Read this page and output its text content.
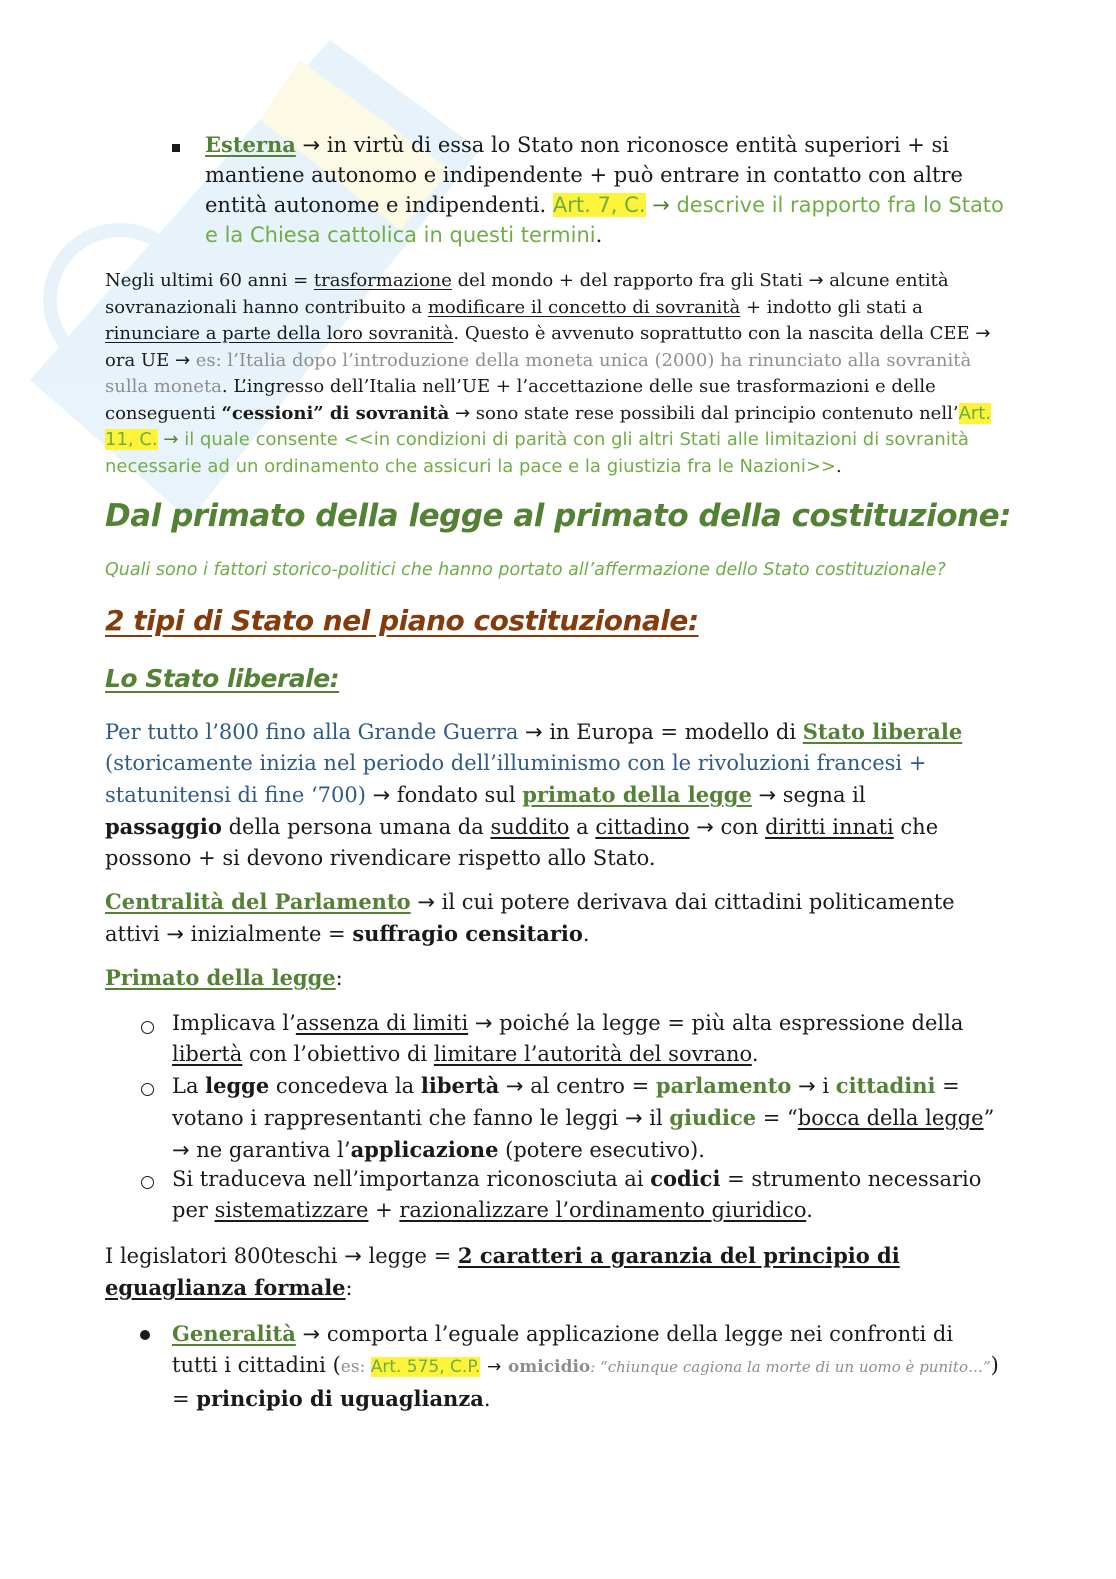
Esterna → in virtù di essa lo Stato non riconosce entità superiori + si mantiene autonomo e indipendente + può entrare in contatto con altre entità autonome e indipendenti. Art. 7, C. → descrive il rapporto fra lo Stato e la Chiesa cattolica in questi termini.
Negli ultimi 60 anni = trasformazione del mondo + del rapporto fra gli Stati → alcune entità sovranazionali hanno contribuito a modificare il concetto di sovranità + indotto gli stati a rinunciare a parte della loro sovranità. Questo è avvenuto soprattutto con la nascita della CEE → ora UE → es: l’Italia dopo l’introduzione della moneta unica (2000) ha rinunciato alla sovranità sulla moneta. L’ingresso dell’Italia nell’UE + l’accettazione delle sue trasformazioni e delle conseguenti “cessioni” di sovranità → sono state rese possibili dal principio contenuto nell’Art. 11, C. → il quale consente <<in condizioni di parità con gli altri Stati alle limitazioni di sovranità necessarie ad un ordinamento che assicuri la pace e la giustizia fra le Nazioni>>.
Dal primato della legge al primato della costituzione:
Quali sono i fattori storico-politici che hanno portato all’affermazione dello Stato costituzionale?
2 tipi di Stato nel piano costituzionale:
Lo Stato liberale:
Per tutto l’800 fino alla Grande Guerra → in Europa = modello di Stato liberale (storicamente inizia nel periodo dell’illuminismo con le rivoluzioni francesi + statunitensi di fine ‘700) → fondato sul primato della legge → segna il passaggio della persona umana da suddito a cittadino → con diritti innati che possono + si devono rivendicare rispetto allo Stato.
Centralità del Parlamento → il cui potere derivava dai cittadini politicamente attivi → inizialmente = suffragio censitario.
Primato della legge:
Implicava l’assenza di limiti → poiché la legge = più alta espressione della libertà con l’obiettivo di limitare l’autorità del sovrano.
La legge concedeva la libertà → al centro = parlamento → i cittadini = votano i rappresentanti che fanno le leggi → il giudice = “bocca della legge” → ne garantiva l’applicazione (potere esecutivo).
Si traduceva nell’importanza riconosciuta ai codici = strumento necessario per sistematizzare + razionalizzare l’ordinamento giuridico.
I legislatori 800teschi → legge = 2 caratteri a garanzia del principio di eguaglianza formale:
Generalità → comporta l’eguale applicazione della legge nei confronti di tutti i cittadini (es: Art. 575, C.P. → omicidio: “chiunque cagiona la morte di un uomo è punito…”) = principio di uguaglianza.
